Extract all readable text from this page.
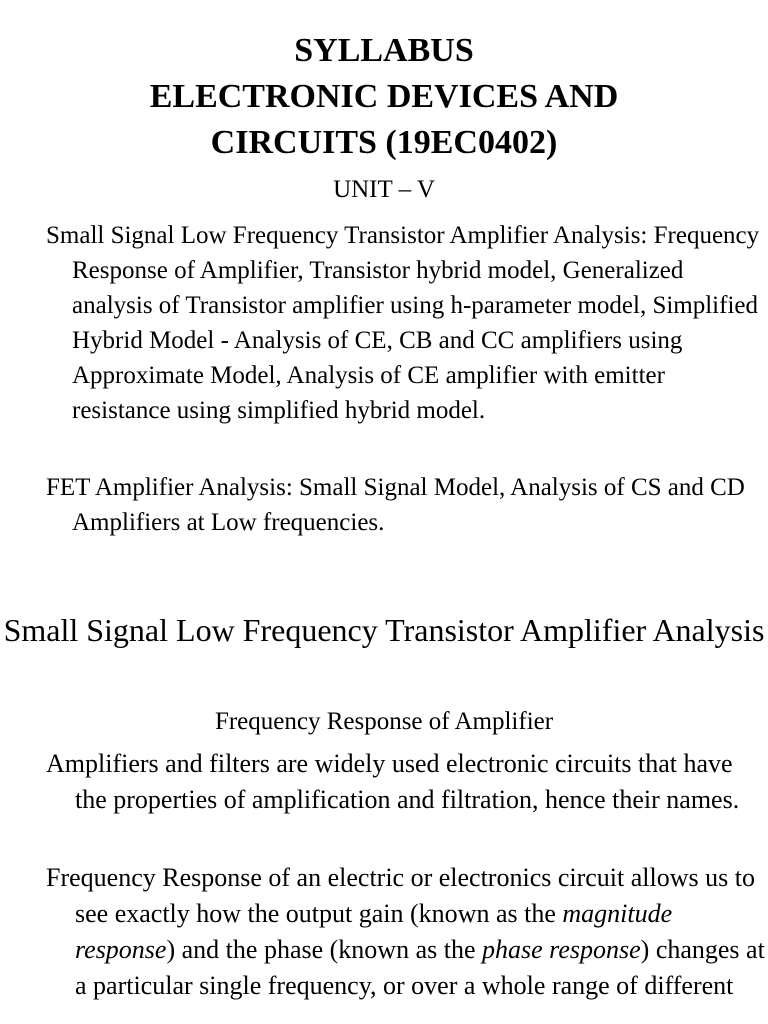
SYLLABUS
ELECTRONIC DEVICES AND
CIRCUITS (19EC0402)
UNIT – V

Small Signal Low Frequency Transistor Amplifier Analysis: Frequency Response of Amplifier, Transistor hybrid model, Generalized analysis of Transistor amplifier using h-parameter model, Simplified Hybrid Model - Analysis of CE, CB and CC amplifiers using Approximate Model, Analysis of CE amplifier with emitter resistance using simplified hybrid model.

FET Amplifier Analysis: Small Signal Model, Analysis of CS and CD Amplifiers at Low frequencies.

Small Signal Low Frequency Transistor Amplifier Analysis
Frequency Response of Amplifier

Amplifiers and filters are widely used electronic circuits that have the properties of amplification and filtration, hence their names.

Frequency Response of an electric or electronics circuit allows us to see exactly how the output gain (known as the magnitude response) and the phase (known as the phase response) changes at a particular single frequency, or over a whole range of different
